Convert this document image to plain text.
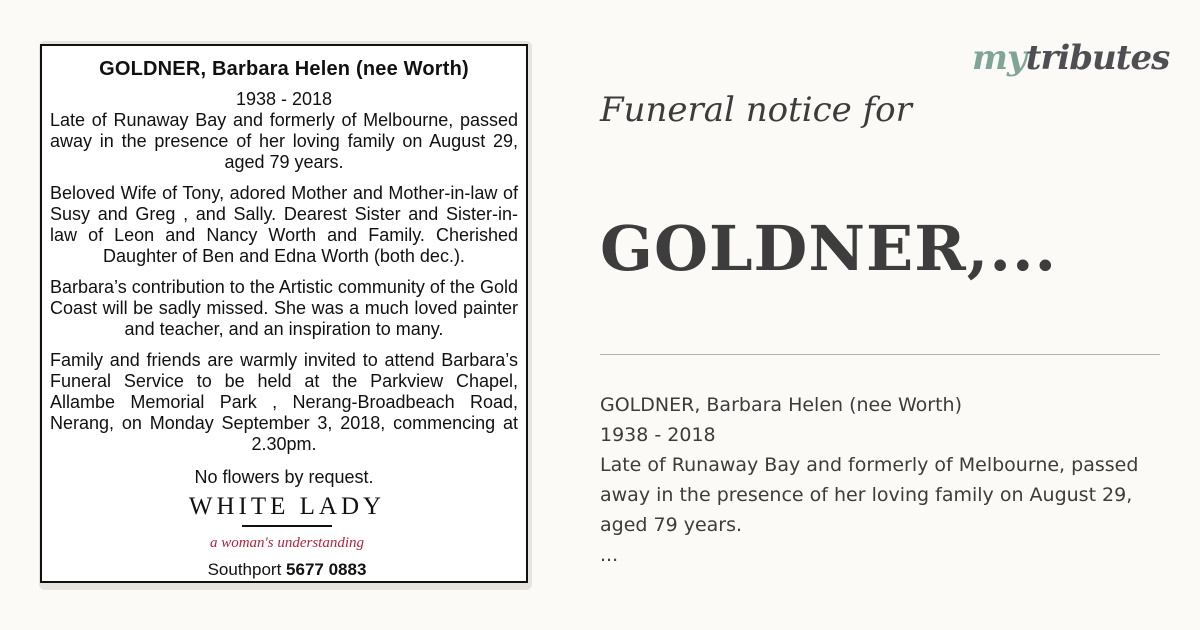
GOLDNER, Barbara Helen (nee Worth)
1938 - 2018
Late of Runaway Bay and formerly of Melbourne, passed away in the presence of her loving family on August 29, aged 79 years.
Beloved Wife of Tony, adored Mother and Mother-in-law of Susy and Greg , and Sally. Dearest Sister and Sister-in-law of Leon and Nancy Worth and Family. Cherished Daughter of Ben and Edna Worth (both dec.).
Barbara’s contribution to the Artistic community of the Gold Coast will be sadly missed. She was a much loved painter and teacher, and an inspiration to many.
Family and friends are warmly invited to attend Barbara’s Funeral Service to be held at the Parkview Chapel, Allambe Memorial Park , Nerang-Broadbeach Road, Nerang, on Monday September 3, 2018, commencing at 2.30pm.
No flowers by request.
WHITE LADY
a woman's understanding
Southport 5677 0883
mytributes
Funeral notice for
GOLDNER,...
GOLDNER, Barbara Helen (nee Worth)
1938 - 2018
Late of Runaway Bay and formerly of Melbourne, passed
away in the presence of her loving family on August 29,
aged 79 years.
...
